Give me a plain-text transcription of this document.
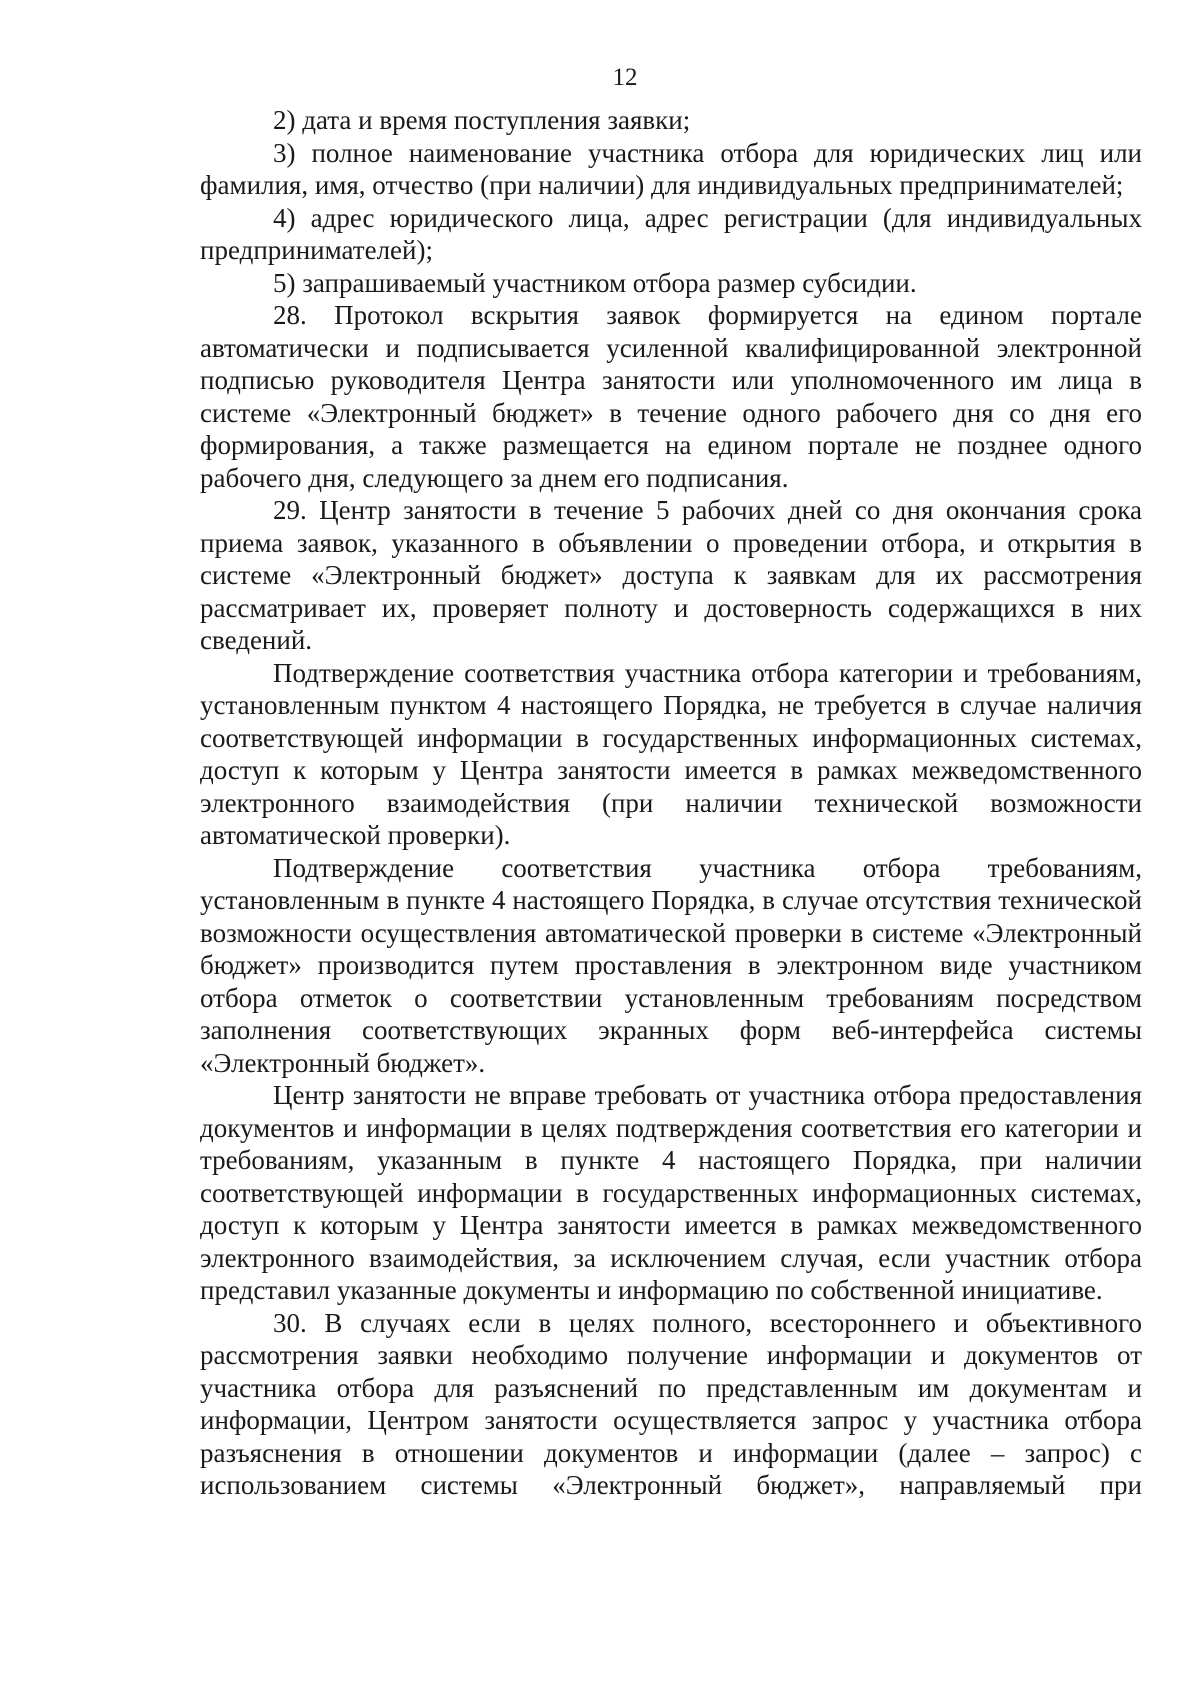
12

2) дата и время поступления заявки;

3) полное наименование участника отбора для юридических лиц или фамилия, имя, отчество (при наличии) для индивидуальных предпринимателей;

4) адрес юридического лица, адрес регистрации (для индивидуальных предпринимателей);

5) запрашиваемый участником отбора размер субсидии.

28. Протокол вскрытия заявок формируется на едином портале автоматически и подписывается усиленной квалифицированной электронной подписью руководителя Центра занятости или уполномоченного им лица в системе «Электронный бюджет» в течение одного рабочего дня со дня его формирования, а также размещается на едином портале не позднее одного рабочего дня, следующего за днем его подписания.

29. Центр занятости в течение 5 рабочих дней со дня окончания срока приема заявок, указанного в объявлении о проведении отбора, и открытия в системе «Электронный бюджет» доступа к заявкам для их рассмотрения рассматривает их, проверяет полноту и достоверность содержащихся в них сведений.

Подтверждение соответствия участника отбора категории и требованиям, установленным пунктом 4 настоящего Порядка, не требуется в случае наличия соответствующей информации в государственных информационных системах, доступ к которым у Центра занятости имеется в рамках межведомственного электронного взаимодействия (при наличии технической возможности автоматической проверки).

Подтверждение соответствия участника отбора требованиям, установленным в пункте 4 настоящего Порядка, в случае отсутствия технической возможности осуществления автоматической проверки в системе «Электронный бюджет» производится путем проставления в электронном виде участником отбора отметок о соответствии установленным требованиям посредством заполнения соответствующих экранных форм веб-интерфейса системы «Электронный бюджет».

Центр занятости не вправе требовать от участника отбора предоставления документов и информации в целях подтверждения соответствия его категории и требованиям, указанным в пункте 4 настоящего Порядка, при наличии соответствующей информации в государственных информационных системах, доступ к которым у Центра занятости имеется в рамках межведомственного электронного взаимодействия, за исключением случая, если участник отбора представил указанные документы и информацию по собственной инициативе.

30. В случаях если в целях полного, всестороннего и объективного рассмотрения заявки необходимо получение информации и документов от участника отбора для разъяснений по представленным им документам и информации, Центром занятости осуществляется запрос у участника отбора разъяснения в отношении документов и информации (далее – запрос) с использованием системы «Электронный бюджет», направляемый при
